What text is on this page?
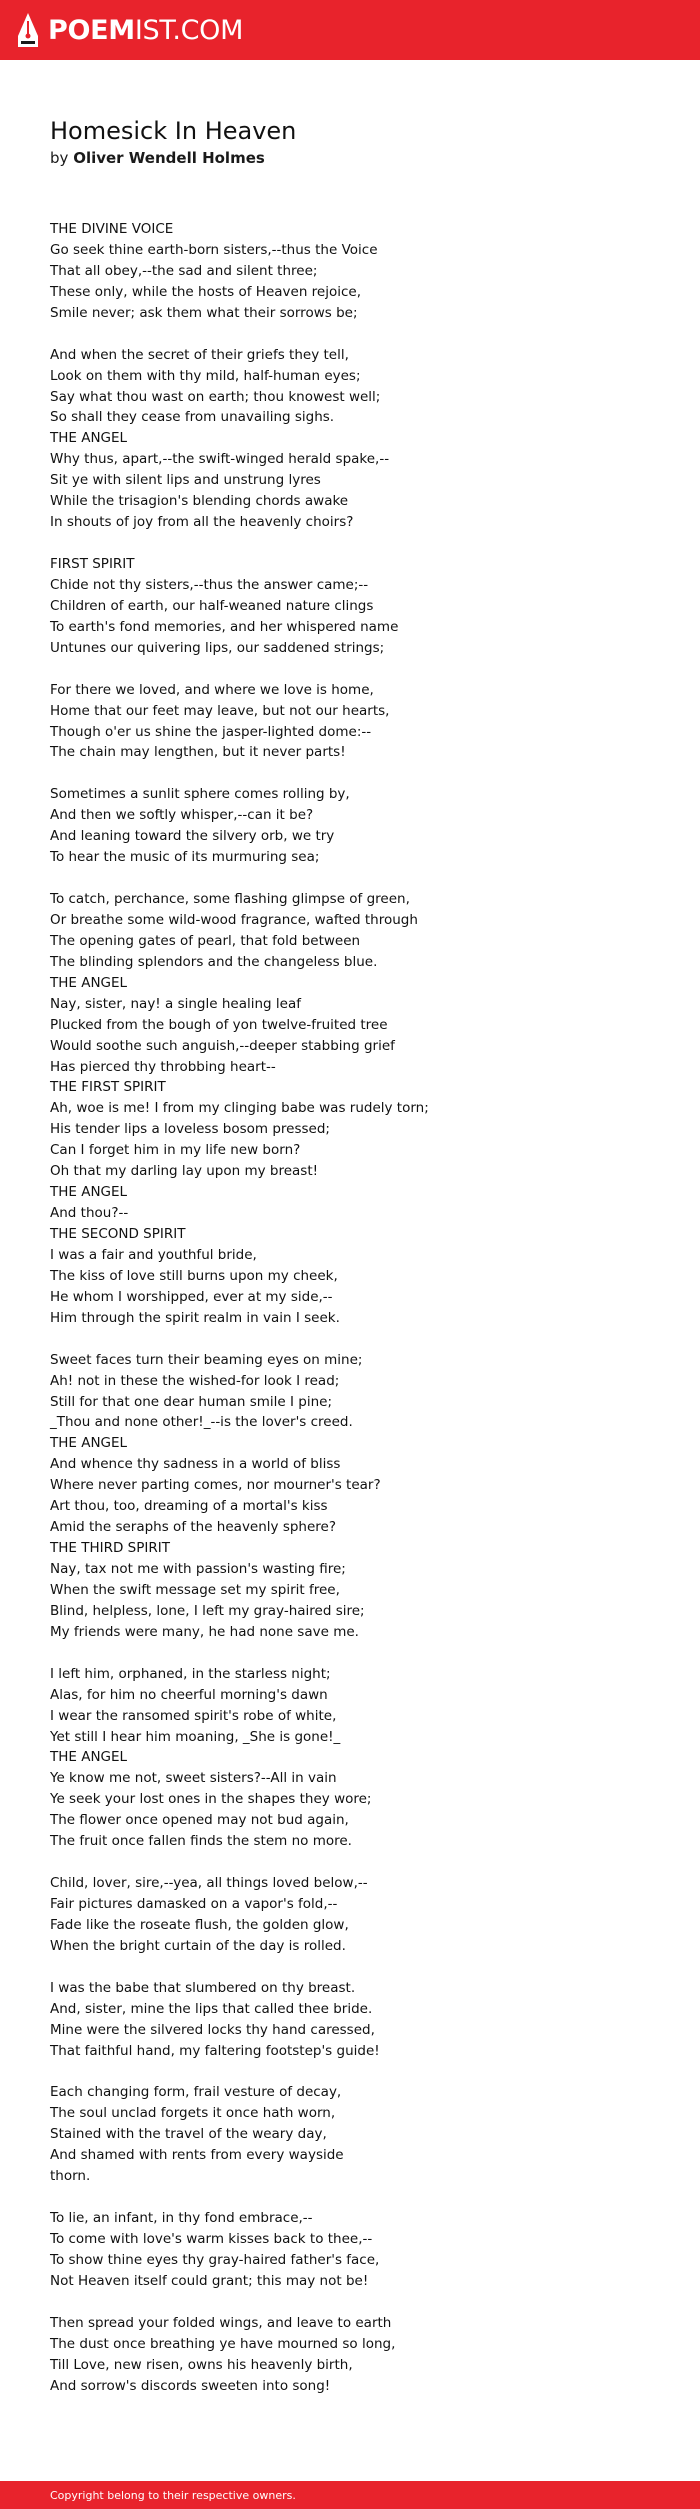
POEMIST.COM
Homesick In Heaven
by Oliver Wendell Holmes
THE DIVINE VOICE
Go seek thine earth-born sisters,--thus the Voice
That all obey,--the sad and silent three;
These only, while the hosts of Heaven rejoice,
Smile never; ask them what their sorrows be;
And when the secret of their griefs they tell,
Look on them with thy mild, half-human eyes;
Say what thou wast on earth; thou knowest well;
So shall they cease from unavailing sighs.
THE ANGEL
Why thus, apart,--the swift-winged herald spake,--
Sit ye with silent lips and unstrung lyres
While the trisagion's blending chords awake
In shouts of joy from all the heavenly choirs?
FIRST SPIRIT
Chide not thy sisters,--thus the answer came;--
Children of earth, our half-weaned nature clings
To earth's fond memories, and her whispered name
Untunes our quivering lips, our saddened strings;
For there we loved, and where we love is home,
Home that our feet may leave, but not our hearts,
Though o'er us shine the jasper-lighted dome:--
The chain may lengthen, but it never parts!
Sometimes a sunlit sphere comes rolling by,
And then we softly whisper,--can it be?
And leaning toward the silvery orb, we try
To hear the music of its murmuring sea;
To catch, perchance, some flashing glimpse of green,
Or breathe some wild-wood fragrance, wafted through
The opening gates of pearl, that fold between
The blinding splendors and the changeless blue.
THE ANGEL
Nay, sister, nay! a single healing leaf
Plucked from the bough of yon twelve-fruited tree
Would soothe such anguish,--deeper stabbing grief
Has pierced thy throbbing heart--
THE FIRST SPIRIT
Ah, woe is me! I from my clinging babe was rudely torn;
His tender lips a loveless bosom pressed;
Can I forget him in my life new born?
Oh that my darling lay upon my breast!
THE ANGEL
And thou?--
THE SECOND SPIRIT
I was a fair and youthful bride,
The kiss of love still burns upon my cheek,
He whom I worshipped, ever at my side,--
Him through the spirit realm in vain I seek.
Sweet faces turn their beaming eyes on mine;
Ah! not in these the wished-for look I read;
Still for that one dear human smile I pine;
_Thou and none other!_--is the lover's creed.
THE ANGEL
And whence thy sadness in a world of bliss
Where never parting comes, nor mourner's tear?
Art thou, too, dreaming of a mortal's kiss
Amid the seraphs of the heavenly sphere?
THE THIRD SPIRIT
Nay, tax not me with passion's wasting fire;
When the swift message set my spirit free,
Blind, helpless, lone, I left my gray-haired sire;
My friends were many, he had none save me.
I left him, orphaned, in the starless night;
Alas, for him no cheerful morning's dawn
I wear the ransomed spirit's robe of white,
Yet still I hear him moaning, _She is gone!_
THE ANGEL
Ye know me not, sweet sisters?--All in vain
Ye seek your lost ones in the shapes they wore;
The flower once opened may not bud again,
The fruit once fallen finds the stem no more.
Child, lover, sire,--yea, all things loved below,--
Fair pictures damasked on a vapor's fold,--
Fade like the roseate flush, the golden glow,
When the bright curtain of the day is rolled.
I was the babe that slumbered on thy breast.
And, sister, mine the lips that called thee bride.
Mine were the silvered locks thy hand caressed,
That faithful hand, my faltering footstep's guide!
Each changing form, frail vesture of decay,
The soul unclad forgets it once hath worn,
Stained with the travel of the weary day,
And shamed with rents from every wayside
thorn.
To lie, an infant, in thy fond embrace,--
To come with love's warm kisses back to thee,--
To show thine eyes thy gray-haired father's face,
Not Heaven itself could grant; this may not be!
Then spread your folded wings, and leave to earth
The dust once breathing ye have mourned so long,
Till Love, new risen, owns his heavenly birth,
And sorrow's discords sweeten into song!
Copyright belong to their respective owners.
